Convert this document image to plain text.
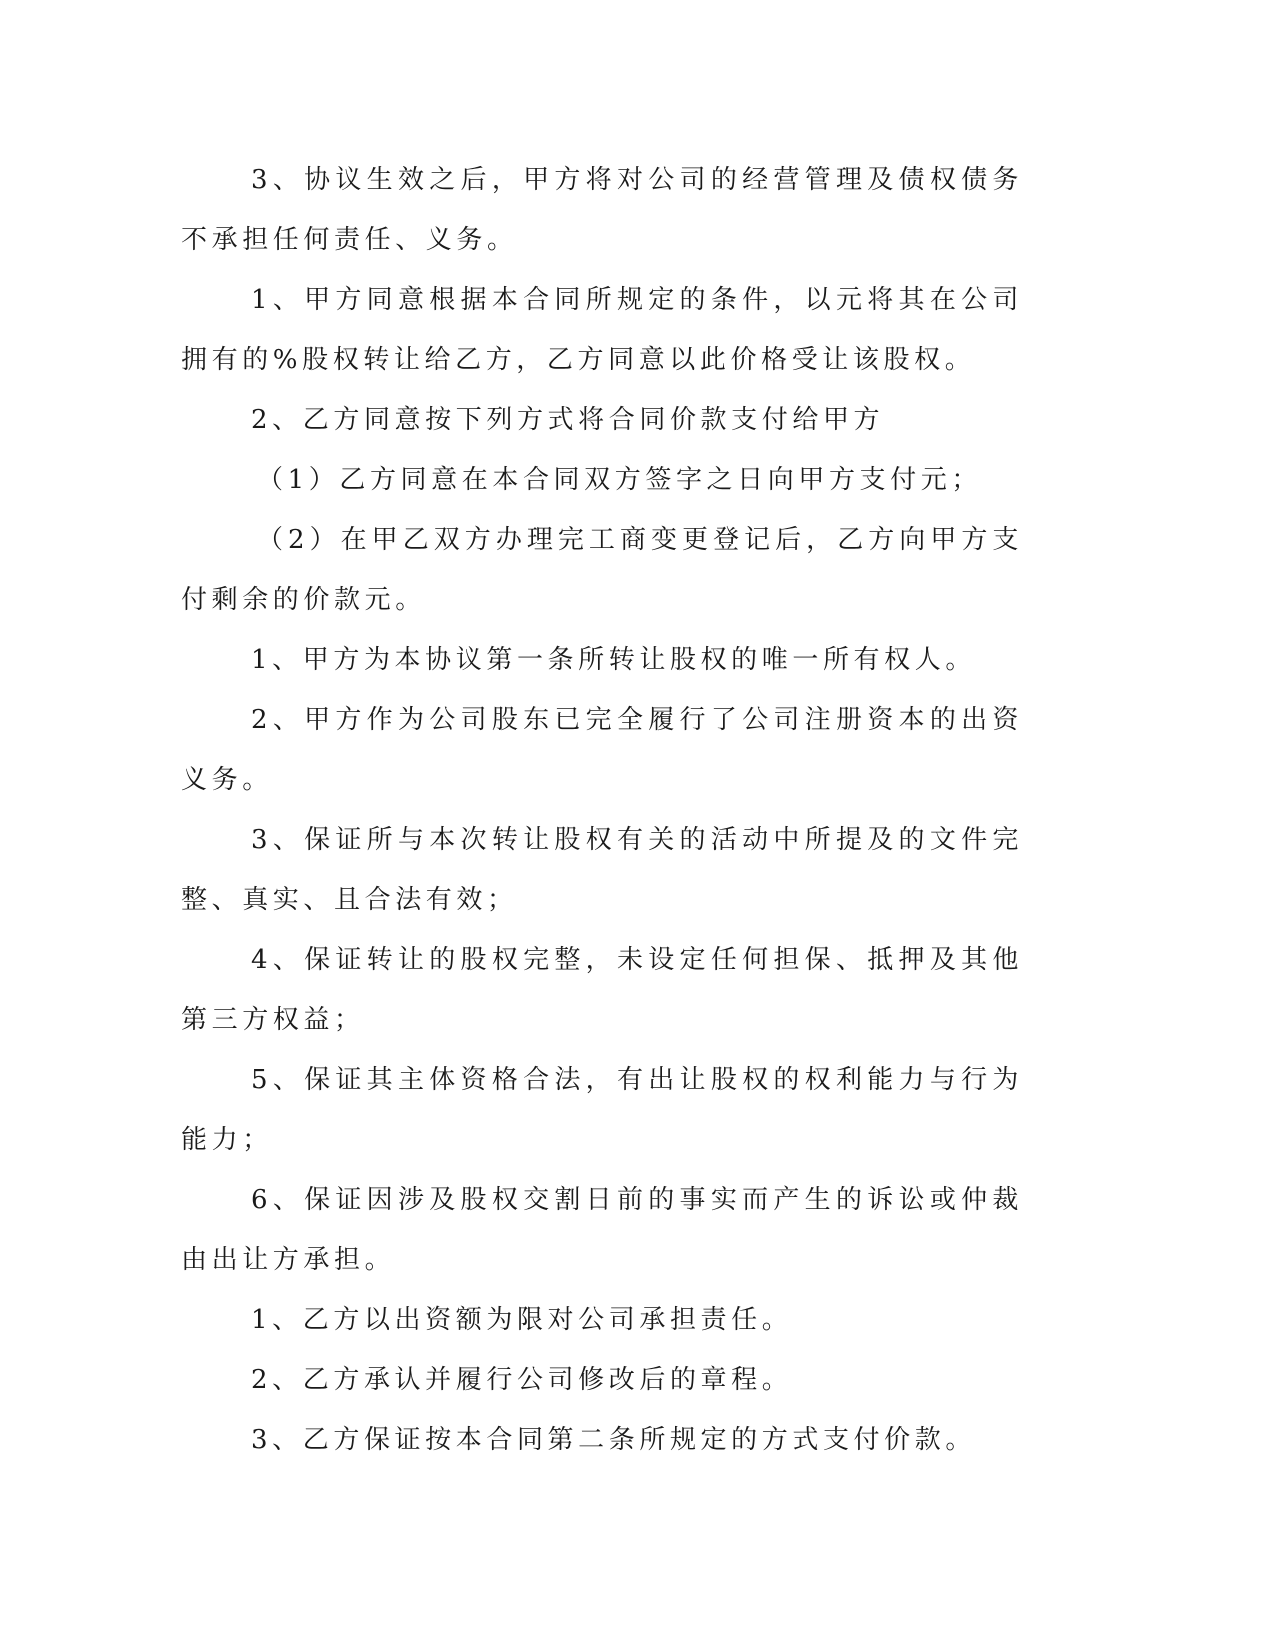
3、协议生效之后，甲方将对公司的经营管理及债权债务不承担任何责任、义务。

1、甲方同意根据本合同所规定的条件，以元将其在公司拥有的%股权转让给乙方，乙方同意以此价格受让该股权。

2、乙方同意按下列方式将合同价款支付给甲方

（1）乙方同意在本合同双方签字之日向甲方支付元；

（2）在甲乙双方办理完工商变更登记后，乙方向甲方支付剩余的价款元。

1、甲方为本协议第一条所转让股权的唯一所有权人。

2、甲方作为公司股东已完全履行了公司注册资本的出资义务。

3、保证所与本次转让股权有关的活动中所提及的文件完整、真实、且合法有效；

4、保证转让的股权完整，未设定任何担保、抵押及其他第三方权益；

5、保证其主体资格合法，有出让股权的权利能力与行为能力；

6、保证因涉及股权交割日前的事实而产生的诉讼或仲裁由出让方承担。

1、乙方以出资额为限对公司承担责任。

2、乙方承认并履行公司修改后的章程。

3、乙方保证按本合同第二条所规定的方式支付价款。
